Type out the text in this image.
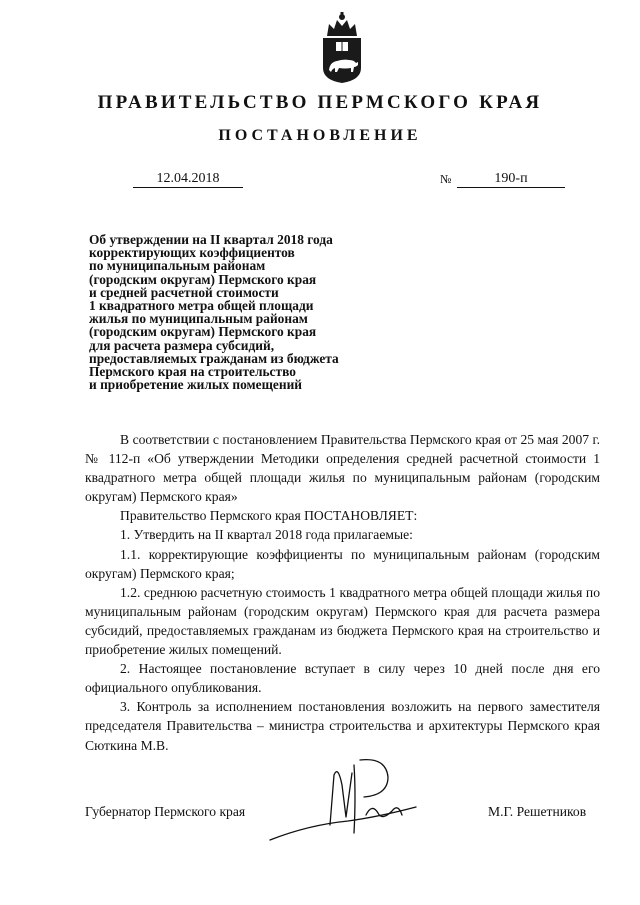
ПРАВИТЕЛЬСТВО ПЕРМСКОГО КРАЯ
ПОСТАНОВЛЕНИЕ
12.04.2018	№	190-п
Об утверждении на II квартал 2018 года
корректирующих коэффициентов
по муниципальным районам
(городским округам) Пермского края
и средней расчетной стоимости
1 квадратного метра общей площади
жилья по муниципальным районам
(городским округам) Пермского края
для расчета размера субсидий,
предоставляемых гражданам из бюджета
Пермского края на строительство
и приобретение жилых помещений

В соответствии с постановлением Правительства Пермского края от 25 мая 2007 г. № 112-п «Об утверждении Методики определения средней расчетной стоимости 1 квадратного метра общей площади жилья по муниципальным районам (городским округам) Пермского края»

Правительство Пермского края ПОСТАНОВЛЯЕТ:

1. Утвердить на II квартал 2018 года прилагаемые:

1.1. корректирующие коэффициенты по муниципальным районам (городским округам) Пермского края;

1.2. среднюю расчетную стоимость 1 квадратного метра общей площади жилья по муниципальным районам (городским округам) Пермского края для расчета размера субсидий, предоставляемых гражданам из бюджета Пермского края на строительство и приобретение жилых помещений.

2. Настоящее постановление вступает в силу через 10 дней после дня его официального опубликования.

3. Контроль за исполнением постановления возложить на первого заместителя председателя Правительства – министра строительства и архитектуры Пермского края Сюткина М.В.

Губернатор Пермского края	М.Г. Решетников
